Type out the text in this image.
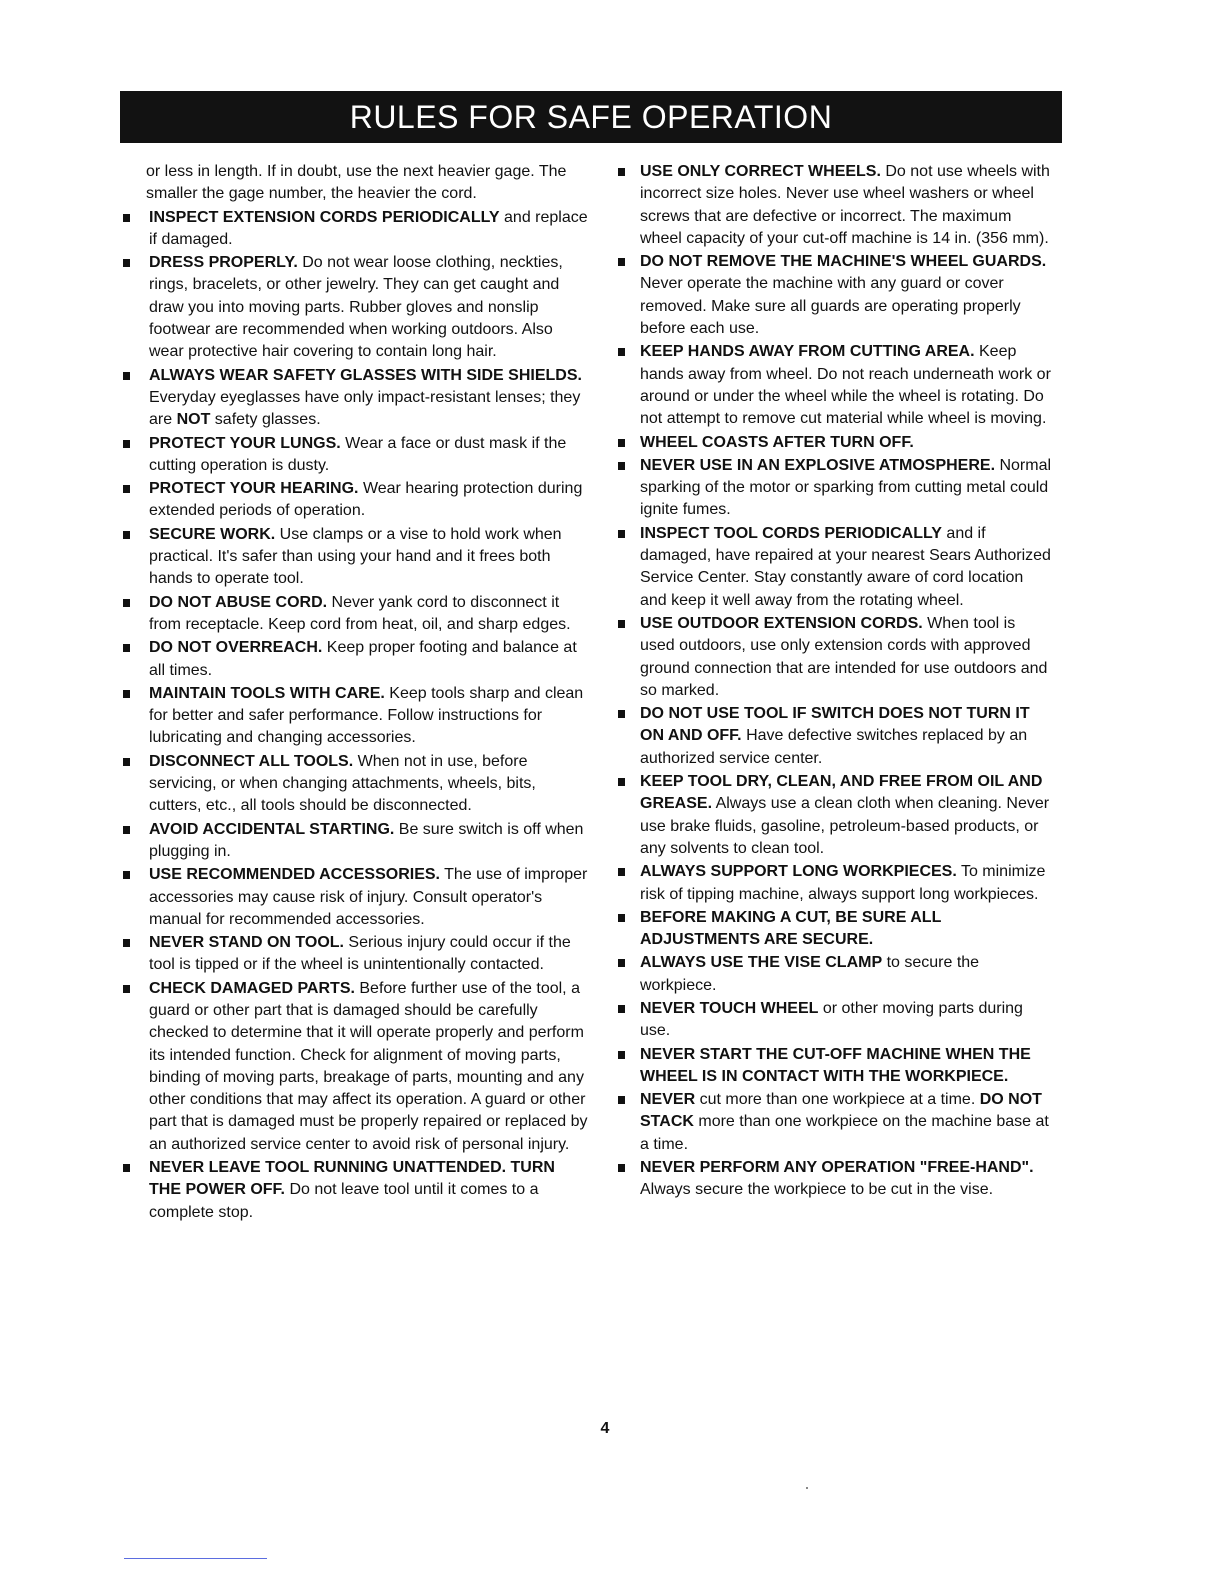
RULES FOR SAFE OPERATION
or less in length. If in doubt, use the next heavier gage. The smaller the gage number, the heavier the cord.
INSPECT EXTENSION CORDS PERIODICALLY and replace if damaged.
DRESS PROPERLY. Do not wear loose clothing, neckties, rings, bracelets, or other jewelry. They can get caught and draw you into moving parts. Rubber gloves and nonslip footwear are recommended when working outdoors. Also wear protective hair covering to contain long hair.
ALWAYS WEAR SAFETY GLASSES WITH SIDE SHIELDS. Everyday eyeglasses have only impact-resistant lenses; they are NOT safety glasses.
PROTECT YOUR LUNGS. Wear a face or dust mask if the cutting operation is dusty.
PROTECT YOUR HEARING. Wear hearing protection during extended periods of operation.
SECURE WORK. Use clamps or a vise to hold work when practical. It's safer than using your hand and it frees both hands to operate tool.
DO NOT ABUSE CORD. Never yank cord to disconnect it from receptacle. Keep cord from heat, oil, and sharp edges.
DO NOT OVERREACH. Keep proper footing and balance at all times.
MAINTAIN TOOLS WITH CARE. Keep tools sharp and clean for better and safer performance. Follow instructions for lubricating and changing accessories.
DISCONNECT ALL TOOLS. When not in use, before servicing, or when changing attachments, wheels, bits, cutters, etc., all tools should be disconnected.
AVOID ACCIDENTAL STARTING. Be sure switch is off when plugging in.
USE RECOMMENDED ACCESSORIES. The use of improper accessories may cause risk of injury. Consult operator's manual for recommended accessories.
NEVER STAND ON TOOL. Serious injury could occur if the tool is tipped or if the wheel is unintentionally contacted.
CHECK DAMAGED PARTS. Before further use of the tool, a guard or other part that is damaged should be carefully checked to determine that it will operate properly and perform its intended function. Check for alignment of moving parts, binding of moving parts, breakage of parts, mounting and any other conditions that may affect its operation. A guard or other part that is damaged must be properly repaired or replaced by an authorized service center to avoid risk of personal injury.
NEVER LEAVE TOOL RUNNING UNATTENDED. TURN THE POWER OFF. Do not leave tool until it comes to a complete stop.
USE ONLY CORRECT WHEELS. Do not use wheels with incorrect size holes. Never use wheel washers or wheel screws that are defective or incorrect. The maximum wheel capacity of your cut-off machine is 14 in. (356 mm).
DO NOT REMOVE THE MACHINE'S WHEEL GUARDS. Never operate the machine with any guard or cover removed. Make sure all guards are operating properly before each use.
KEEP HANDS AWAY FROM CUTTING AREA. Keep hands away from wheel. Do not reach underneath work or around or under the wheel while the wheel is rotating. Do not attempt to remove cut material while wheel is moving.
WHEEL COASTS AFTER TURN OFF.
NEVER USE IN AN EXPLOSIVE ATMOSPHERE. Normal sparking of the motor or sparking from cutting metal could ignite fumes.
INSPECT TOOL CORDS PERIODICALLY and if damaged, have repaired at your nearest Sears Authorized Service Center. Stay constantly aware of cord location and keep it well away from the rotating wheel.
USE OUTDOOR EXTENSION CORDS. When tool is used outdoors, use only extension cords with approved ground connection that are intended for use outdoors and so marked.
DO NOT USE TOOL IF SWITCH DOES NOT TURN IT ON AND OFF. Have defective switches replaced by an authorized service center.
KEEP TOOL DRY, CLEAN, AND FREE FROM OIL AND GREASE. Always use a clean cloth when cleaning. Never use brake fluids, gasoline, petroleum-based products, or any solvents to clean tool.
ALWAYS SUPPORT LONG WORKPIECES. To minimize risk of tipping machine, always support long workpieces.
BEFORE MAKING A CUT, BE SURE ALL ADJUSTMENTS ARE SECURE.
ALWAYS USE THE VISE CLAMP to secure the workpiece.
NEVER TOUCH WHEEL or other moving parts during use.
NEVER START THE CUT-OFF MACHINE WHEN THE WHEEL IS IN CONTACT WITH THE WORKPIECE.
NEVER cut more than one workpiece at a time. DO NOT STACK more than one workpiece on the machine base at a time.
NEVER PERFORM ANY OPERATION "FREE-HAND". Always secure the workpiece to be cut in the vise.
4
